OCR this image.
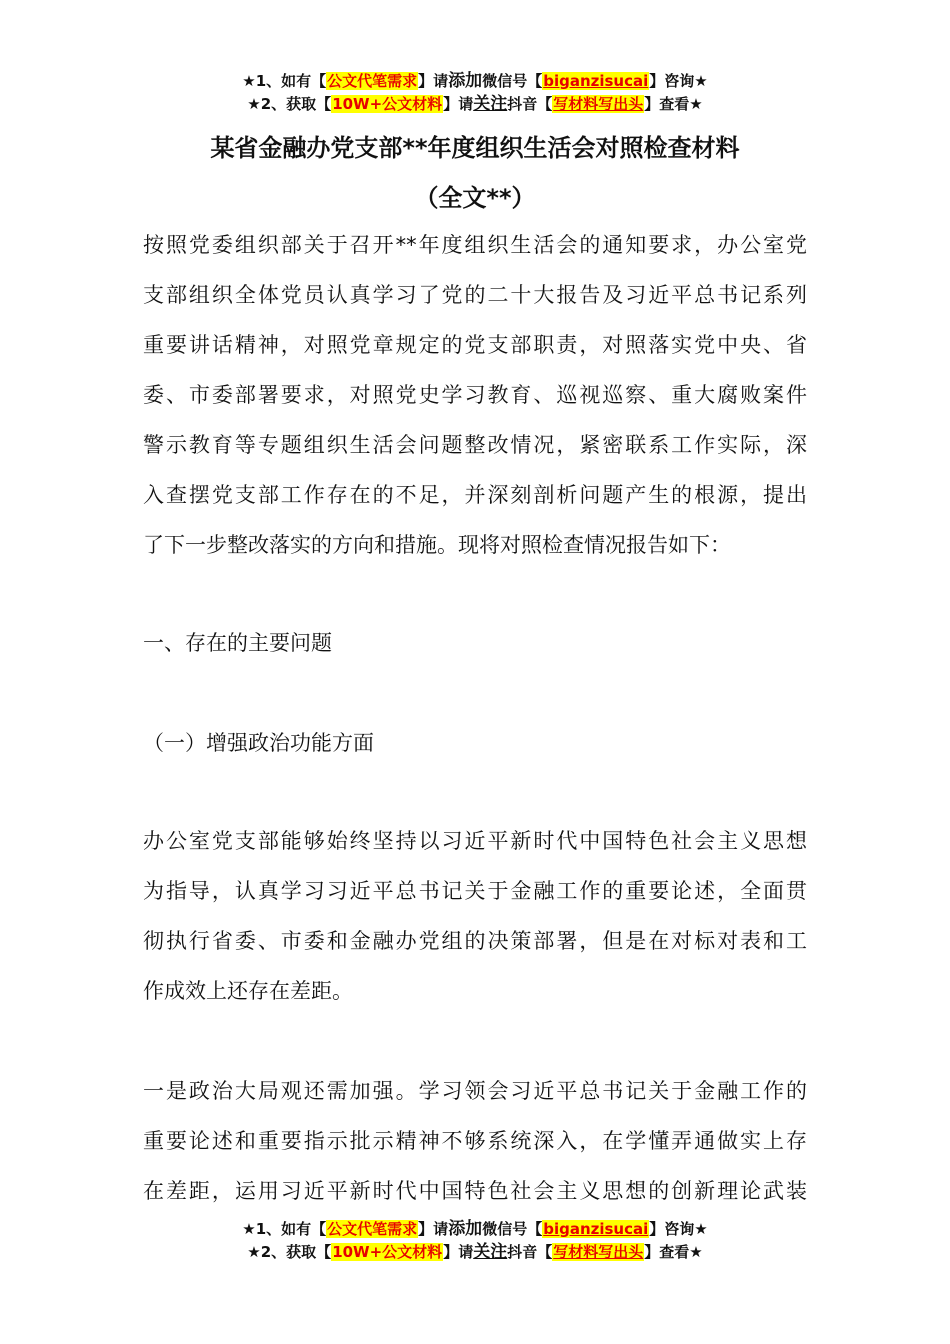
★1、如有【公文代笔需求】请添加微信号【biganzisucai】咨询★
★2、获取【10W+公文材料】请关注抖音【写材料写出头】查看★
某省金融办党支部**年度组织生活会对照检查材料
（全文**）
按照党委组织部关于召开**年度组织生活会的通知要求，办公室党
支部组织全体党员认真学习了党的二十大报告及习近平总书记系列
重要讲话精神，对照党章规定的党支部职责，对照落实党中央、省
委、市委部署要求，对照党史学习教育、巡视巡察、重大腐败案件
警示教育等专题组织生活会问题整改情况，紧密联系工作实际，深
入查摆党支部工作存在的不足，并深刻剖析问题产生的根源，提出
了下一步整改落实的方向和措施。现将对照检查情况报告如下：
一、存在的主要问题
（一）增强政治功能方面
办公室党支部能够始终坚持以习近平新时代中国特色社会主义思想
为指导，认真学习习近平总书记关于金融工作的重要论述，全面贯
彻执行省委、市委和金融办党组的决策部署，但是在对标对表和工
作成效上还存在差距。
一是政治大局观还需加强。学习领会习近平总书记关于金融工作的
重要论述和重要指示批示精神不够系统深入，在学懂弄通做实上存
在差距，运用习近平新时代中国特色社会主义思想的创新理论武装
★1、如有【公文代笔需求】请添加微信号【biganzisucai】咨询★
★2、获取【10W+公文材料】请关注抖音【写材料写出头】查看★
